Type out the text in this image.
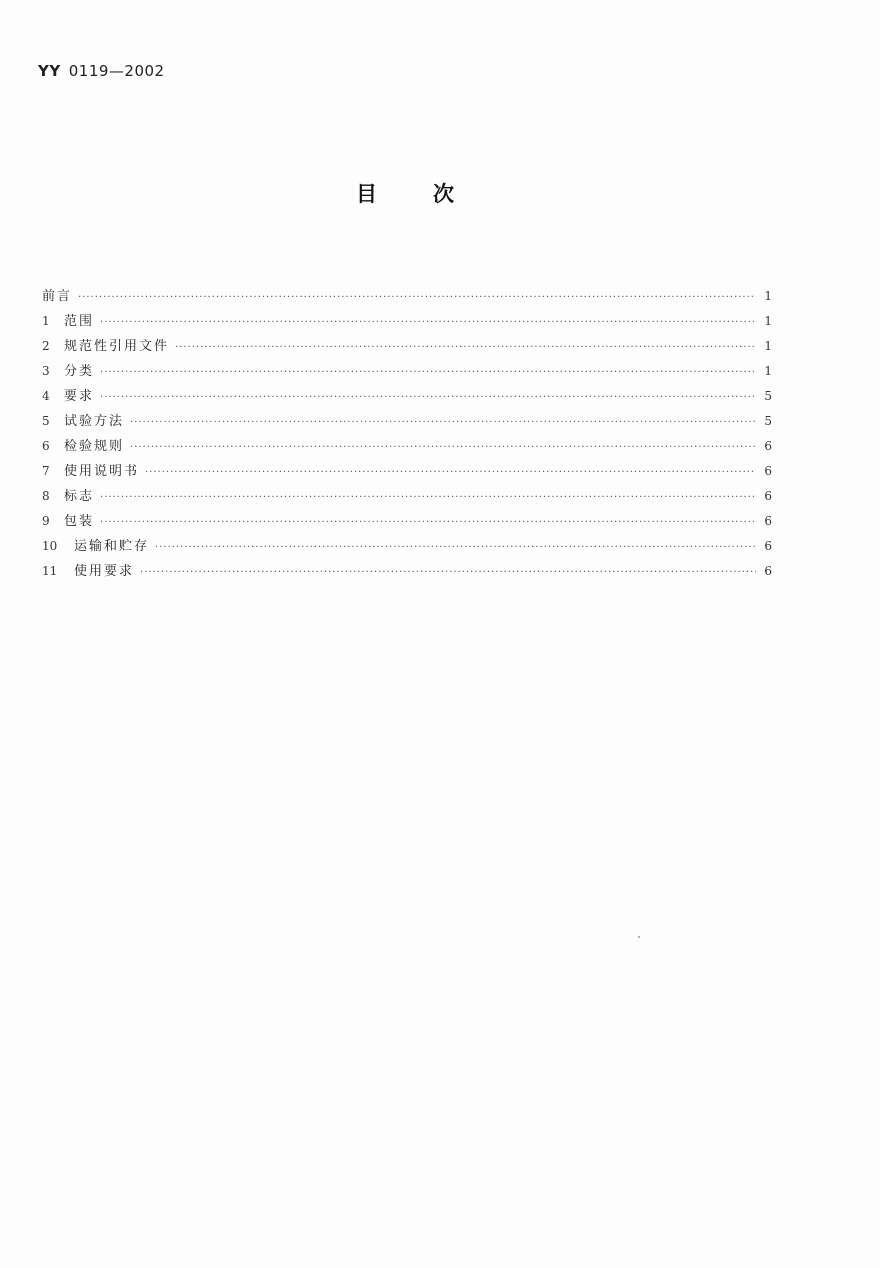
YY 0119—2002
目次
前言 ·····	1
1	范围 ·····	1
2	规范性引用文件 ·····	1
3	分类 ·····	1
4	要求 ·····	5
5	试验方法 ·····	5
6	检验规则 ·····	6
7	使用说明书 ·····	6
8	标志 ·····	6
9	包装 ·····	6
10	运输和贮存 ·····	6
11	使用要求 ·····	6
